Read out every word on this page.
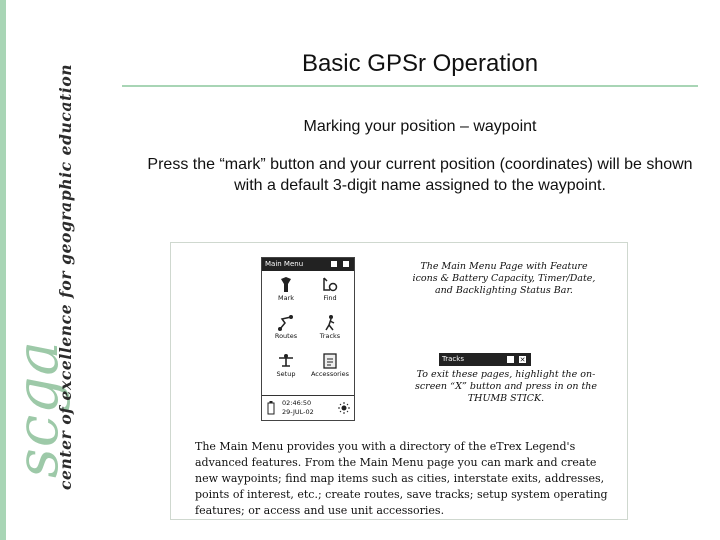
scga
center of excellence for geographic education
Basic GPSr Operation
Marking your position – waypoint
Press the “mark” button and your current position (coordinates) will be shown with a default 3-digit name assigned to the waypoint.
Main Menu
Mark	Find
Routes	Tracks
Setup	Accessories
02:46:50
29-JUL-02
The Main Menu Page with Feature icons & Battery Capacity, Timer/Date, and Backlighting Status Bar.
Tracks	✕
To exit these pages, highlight the on-screen “X” button and press in on the THUMB STICK.
The Main Menu provides you with a directory of the eTrex Legend's advanced features. From the Main Menu page you can mark and create new waypoints; find map items such as cities, interstate exits, addresses, points of interest, etc.; create routes, save tracks; setup system operating features; or access and use unit accessories.
